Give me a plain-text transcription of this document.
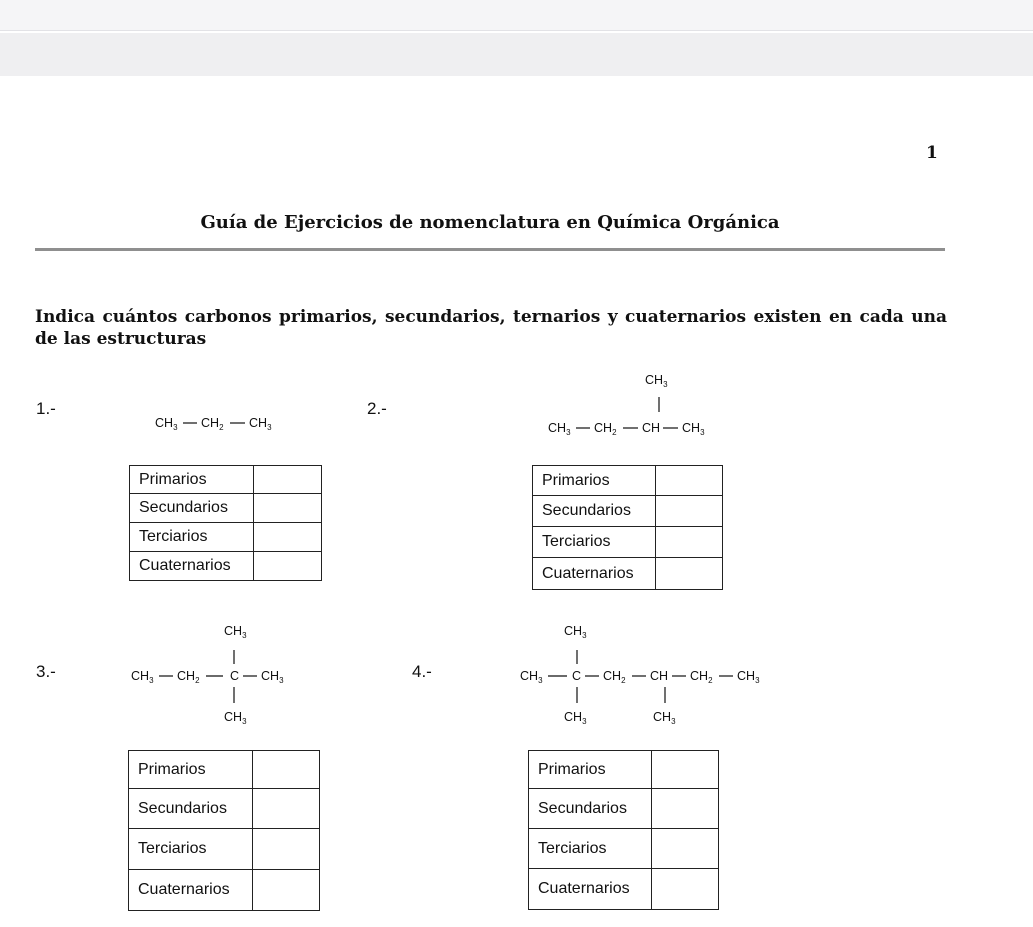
1
Guía de Ejercicios de nomenclatura en Química Orgánica
Indica cuántos carbonos primarios, secundarios, ternarios y cuaternarios existen en cada una de las estructuras
1.-
$CH_3$ $CH_2$ $CH_3$
Primarios	
Secundarios	
Terciarios	
Cuaternarios	
2.-
$CH_3$
$CH_3$ $CH_2$ CH $CH_3$
Primarios	
Secundarios	
Terciarios	
Cuaternarios	
3.-
$CH_3$
$CH_3$ $CH_2$ C $CH_3$
$CH_3$
Primarios	
Secundarios	
Terciarios	
Cuaternarios	
4.-
$CH_3$
$CH_3$ C $CH_2$ CH $CH_2$ $CH_3$
$CH_3$	$CH_3$
Primarios	
Secundarios	
Terciarios	
Cuaternarios	
